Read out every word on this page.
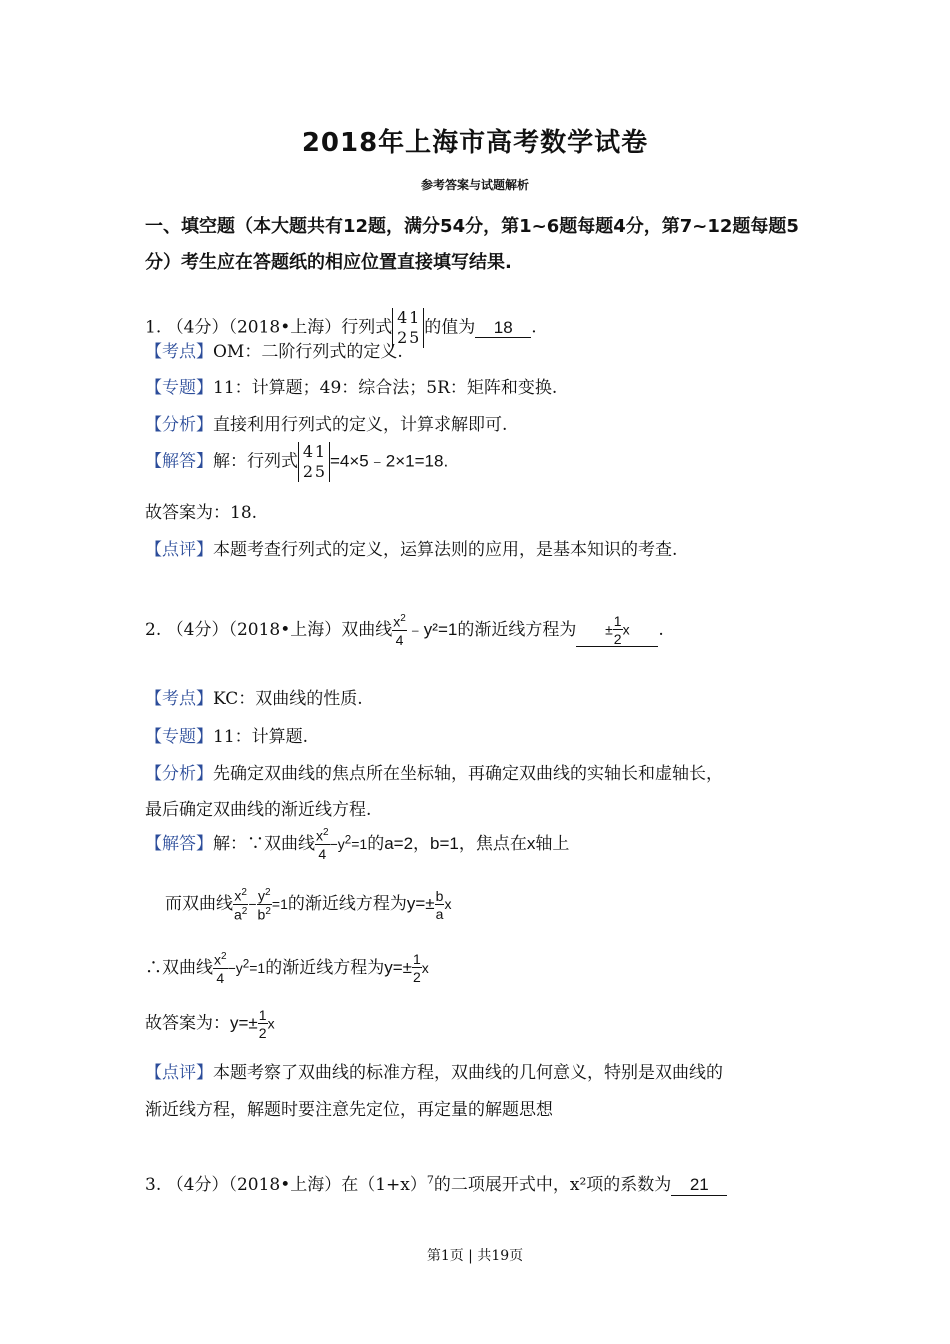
2018年上海市高考数学试卷
参考答案与试题解析
一、填空题（本大题共有12题，满分54分，第1~6题每题4分，第7~12题每题5
分）考生应在答题纸的相应位置直接填写结果.
1. （4分）（2018•上海）行列式 4 1
2 5 的值为 18 .
【考点】OM：二阶行列式的定义.
【专题】11：计算题；49：综合法；5R：矩阵和变换.
【分析】直接利用行列式的定义，计算求解即可.
【解答】解：行列式 4 1
2 5
=4×5﹣2×1=18.
故答案为：18.
【点评】本题考查行列式的定义，运算法则的应用，是基本知识的考查.
2. （4分）（2018•上海）双曲线 $\frac{x^2}{4}$ ﹣y²=1的渐近线方程为 ± $\frac{1}{2}$ x .
【考点】KC：双曲线的性质.
【专题】11：计算题.
【分析】先确定双曲线的焦点所在坐标轴，再确定双曲线的实轴长和虚轴长，
最后确定双曲线的渐近线方程.
【解答】解：∵双曲线 $\frac{x^2}{4} -y^2=1$的a=2，b=1，焦点在x轴上
而双曲线 $\frac{x^2}{a^2} - \frac{y^2}{b^2} =1$的渐近线方程为$y=\pm \frac{b}{a}$ x
∴双曲线 $\frac{x^2}{4} -y^2=1$的渐近线方程为$y=\pm \frac{1}{2}$ x
故答案为：$y=\pm \frac{1}{2}$ x
【点评】本题考察了双曲线的标准方程，双曲线的几何意义，特别是双曲线的
渐近线方程，解题时要注意先定位，再定量的解题思想
3. （4分）（2018•上海）在$(1+x)^7$的二项展开式中，x²项的系数为 21
第1页 | 共19页
